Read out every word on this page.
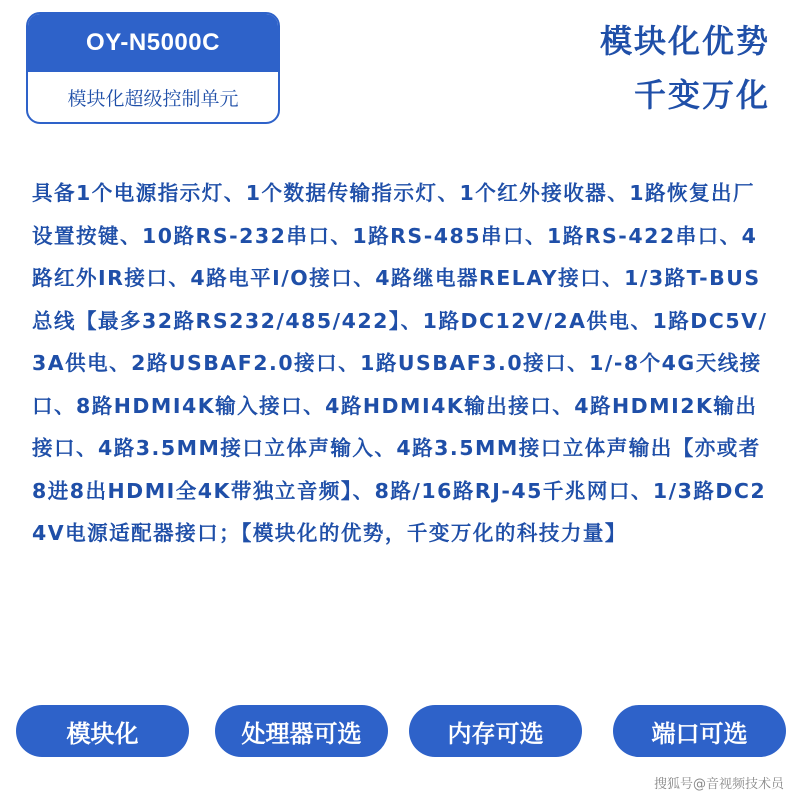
OY-N5000C
模块化超级控制单元
模块化优势
千变万化

具备1个电源指示灯、1个数据传输指示灯、1个红外接收器、1路恢复出厂设置按键、10路RS-232串口、1路RS-485串口、1路RS-422串口、4路红外IR接口、4路电平I/O接口、4路继电器RELAY接口、1/3路T-BUS总线【最多32路RS232/485/422】、1路DC12V/2A供电、1路DC5V/3A供电、2路USBAF2.0接口、1路USBAF3.0接口、1/-8个4G天线接口、8路HDMI4K输入接口、4路HDMI4K输出接口、4路HDMI2K输出接口、4路3.5MM接口立体声输入、4路3.5MM接口立体声输出【亦或者8进8出HDMI全4K带独立音频】、8路/16路RJ-45千兆网口、1/3路DC24V电源适配器接口；【模块化的优势，千变万化的科技力量】

模块化	处理器可选	内存可选	端口可选
搜狐号@音视频技术员
